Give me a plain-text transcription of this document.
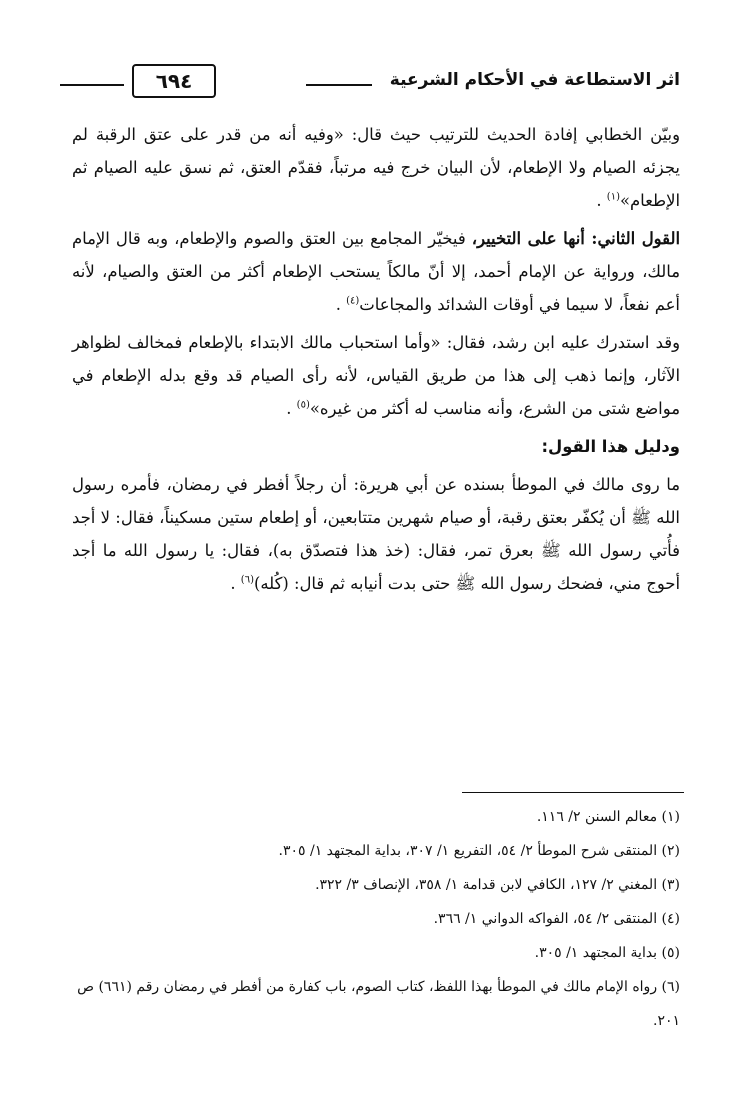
اثر الاستطاعة في الأحكام الشرعية
٦٩٤

وبيّن الخطابي إفادة الحديث للترتيب حيث قال: «وفيه أنه من قدر على عتق الرقبة لم يجزئه الصيام ولا الإطعام، لأن البيان خرج فيه مرتباً، فقدّم العتق، ثم نسق عليه الصيام ثم الإطعام»$^{(١)}$ .

القول الثاني: أنها على التخيير، فيخيّر المجامع بين العتق والصوم والإطعام، وبه قال الإمام مالك، ورواية عن الإمام أحمد، إلا أنّ مالكاً يستحب الإطعام أكثر من العتق والصيام، لأنه أعم نفعاً، لا سيما في أوقات الشدائد والمجاعات$^{(٤)}$ .

وقد استدرك عليه ابن رشد، فقال: «وأما استحباب مالك الابتداء بالإطعام فمخالف لظواهر الآثار، وإنما ذهب إلى هذا من طريق القياس، لأنه رأى الصيام قد وقع بدله الإطعام في مواضع شتى من الشرع، وأنه مناسب له أكثر من غيره»$^{(٥)}$ .

ودليل هذا القول:

ما روى مالك في الموطأ بسنده عن أبي هريرة: أن رجلاً أفطر في رمضان، فأمره رسول الله ﷺ أن يُكفّر بعتق رقبة، أو صيام شهرين متتابعين، أو إطعام ستين مسكيناً، فقال: لا أجد فأُتي رسول الله ﷺ بعرق تمر، فقال: (خذ هذا فتصدّق به)، فقال: يا رسول الله ما أجد أحوج مني، فضحك رسول الله ﷺ حتى بدت أنيابه ثم قال: (كُله)$^{(٦)}$ .

(١) معالم السنن ٢/ ١١٦.

(٢) المنتقى شرح الموطأ ٢/ ٥٤، التفريع ١/ ٣٠٧، بداية المجتهد ١/ ٣٠٥.

(٣) المغني ٢/ ١٢٧، الكافي لابن قدامة ١/ ٣٥٨، الإنصاف ٣/ ٣٢٢.

(٤) المنتقى ٢/ ٥٤، الفواكه الدواني ١/ ٣٦٦.

(٥) بداية المجتهد ١/ ٣٠٥.

(٦) رواه الإمام مالك في الموطأ بهذا اللفظ، كتاب الصوم، باب كفارة من أفطر في رمضان رقم (٦٦١) ص ٢٠١.
